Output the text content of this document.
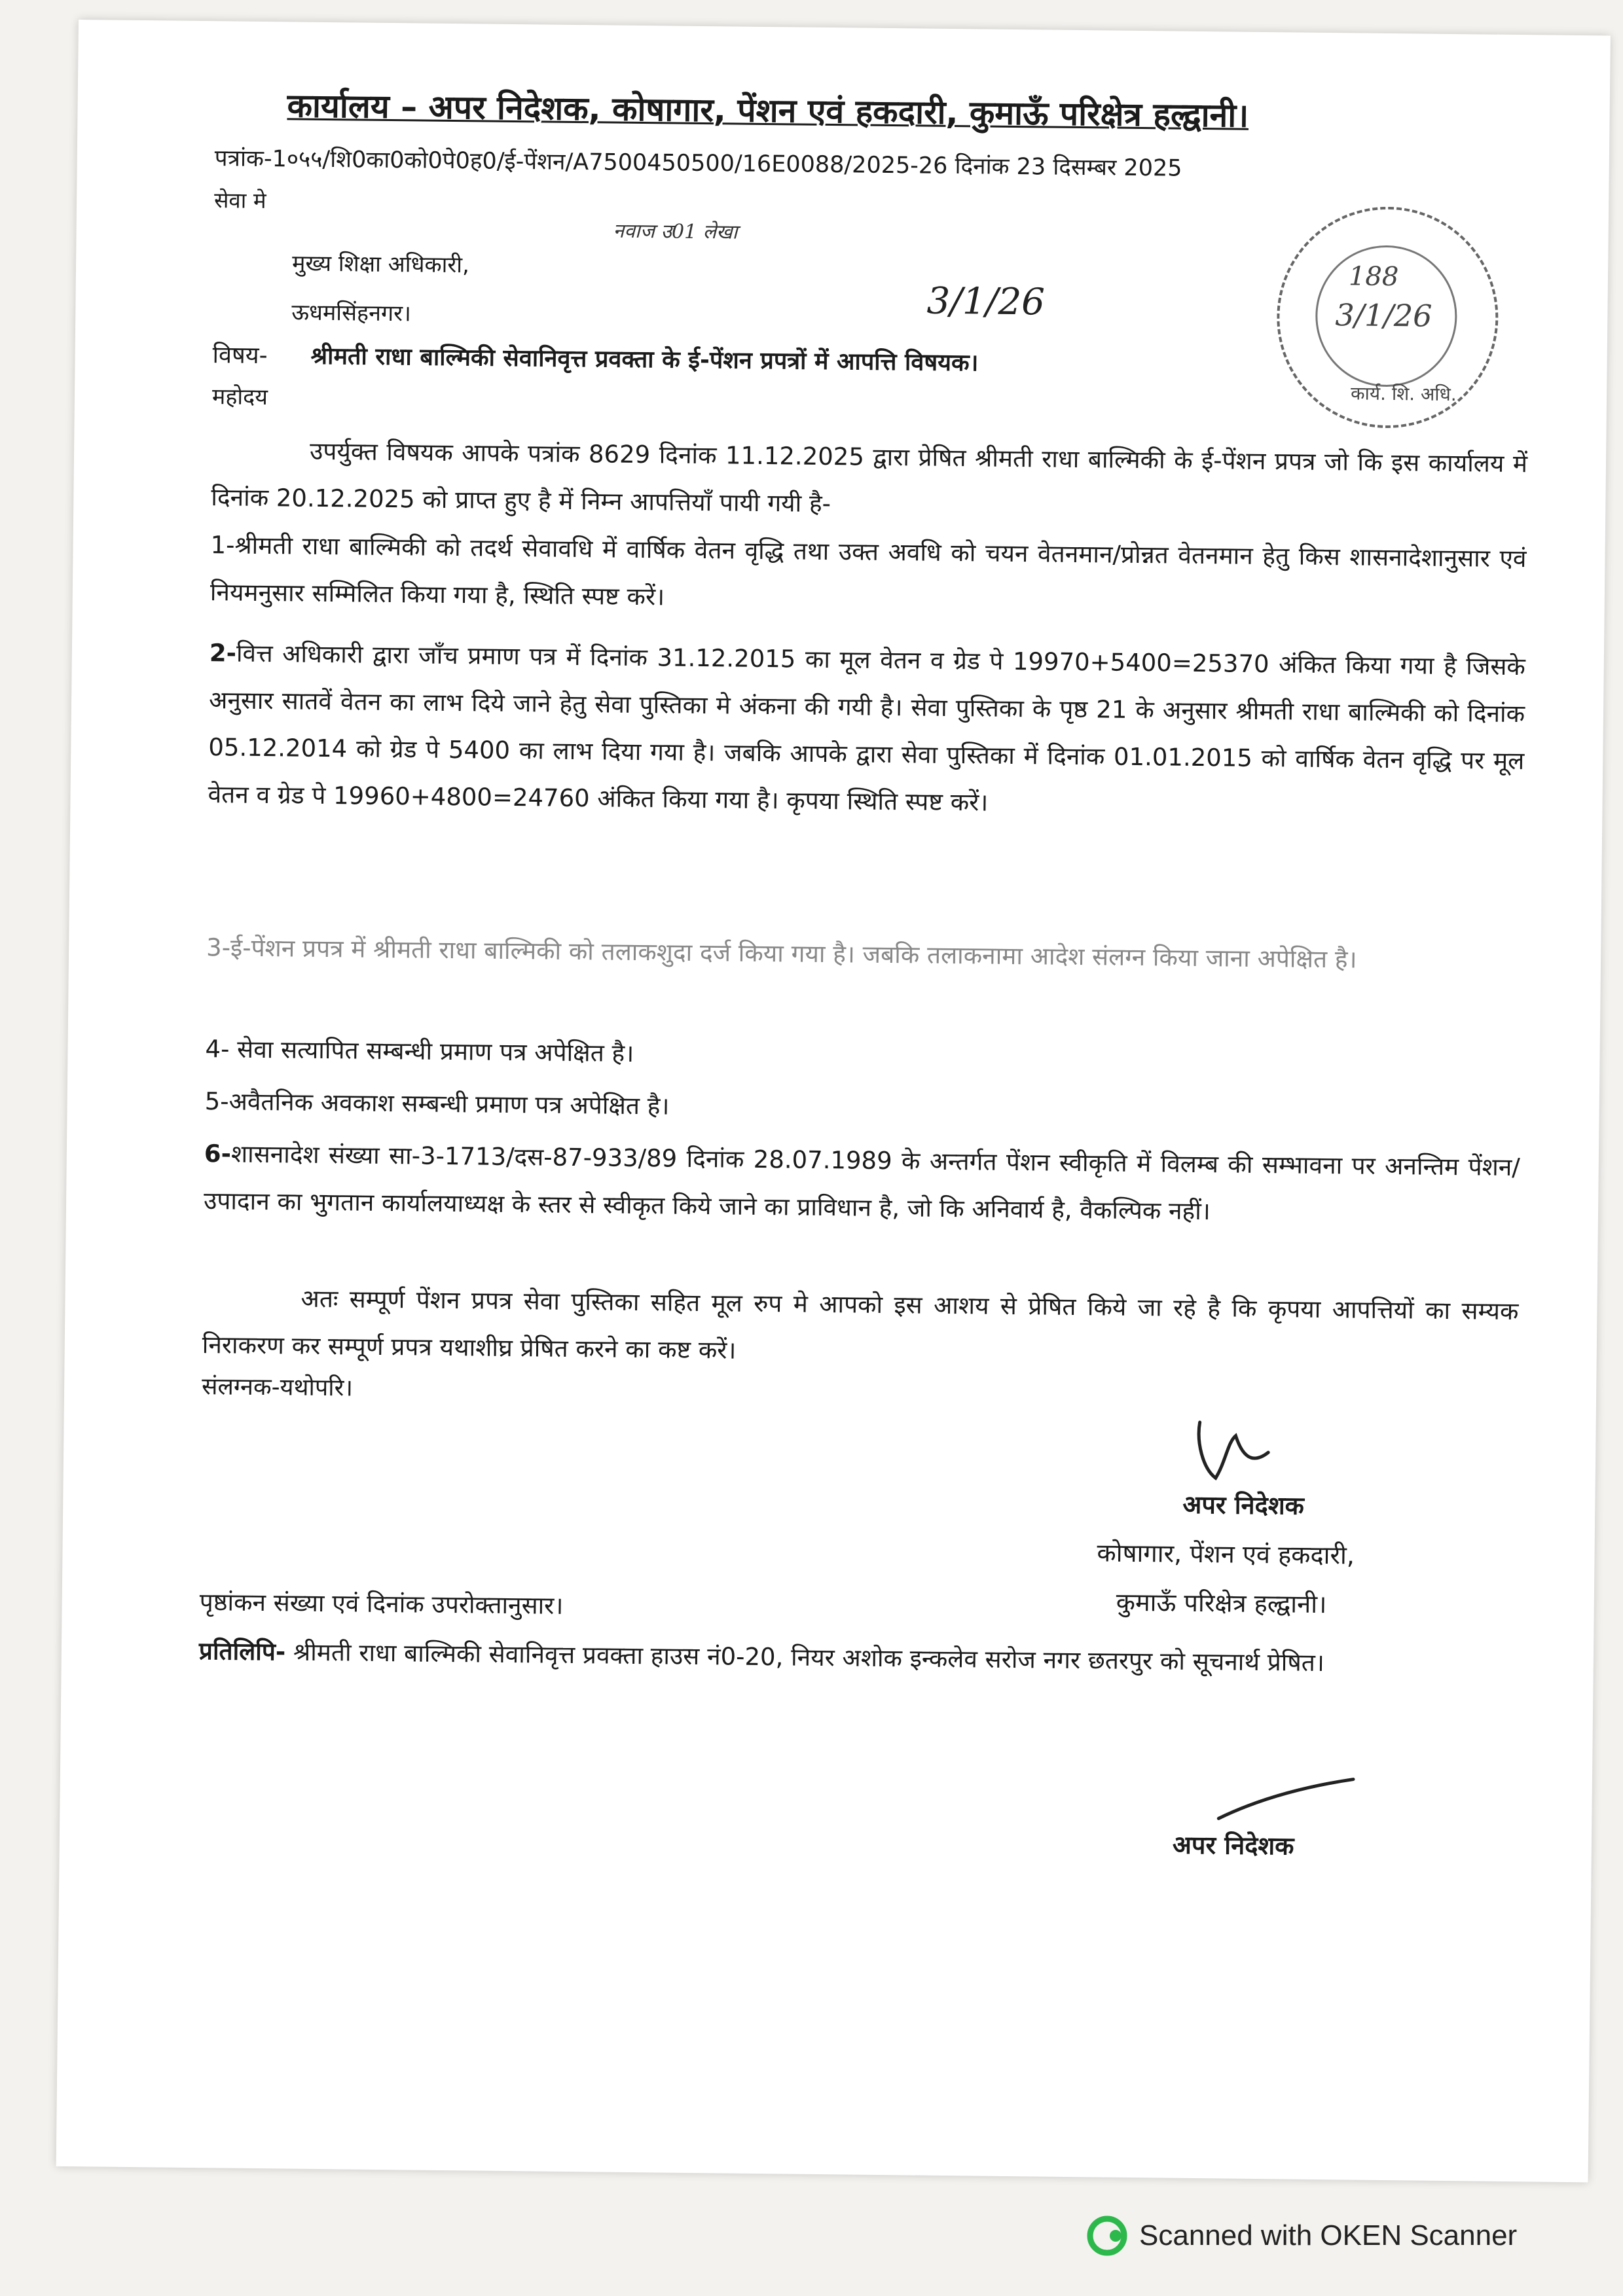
कार्यालय – अपर निदेशक, कोषागार, पेंशन एवं हकदारी, कुमाऊँ परिक्षेत्र हल्द्वानी।
पत्रांक-1०५५/शि0का0को0पे0ह0/ई-पेंशन/A7500450500/16E0088/2025-26 दिनांक 23 दिसम्बर 2025
सेवा मे
नवाज उ01 लेखा
मुख्य शिक्षा अधिकारी,
ऊधमसिंहनगर।	3/1/26
188
3/1/26
कार्य. शि. अधि.
विषय- श्रीमती राधा बाल्मिकी सेवानिवृत्त प्रवक्ता के ई-पेंशन प्रपत्रों में आपत्ति विषयक।
महोदय
उपर्युक्त विषयक आपके पत्रांक 8629 दिनांक 11.12.2025 द्वारा प्रेषित श्रीमती राधा बाल्मिकी के ई-पेंशन प्रपत्र जो कि इस कार्यालय में दिनांक 20.12.2025 को प्राप्त हुए है में निम्न आपत्तियाँ पायी गयी है-
1-श्रीमती राधा बाल्मिकी को तदर्थ सेवावधि में वार्षिक वेतन वृद्धि तथा उक्त अवधि को चयन वेतनमान/प्रोन्नत वेतनमान हेतु किस शासनादेशानुसार एवं नियमनुसार सम्मिलित किया गया है, स्थिति स्पष्ट करें।
2-वित्त अधिकारी द्वारा जाँच प्रमाण पत्र में दिनांक 31.12.2015 का मूल वेतन व ग्रेड पे 19970+5400=25370 अंकित किया गया है जिसके अनुसार सातवें वेतन का लाभ दिये जाने हेतु सेवा पुस्तिका मे अंकना की गयी है। सेवा पुस्तिका के पृष्ठ 21 के अनुसार श्रीमती राधा बाल्मिकी को दिनांक 05.12.2014 को ग्रेड पे 5400 का लाभ दिया गया है। जबकि आपके द्वारा सेवा पुस्तिका में दिनांक 01.01.2015 को वार्षिक वेतन वृद्धि पर मूल वेतन व ग्रेड पे 19960+4800=24760 अंकित किया गया है। कृपया स्थिति स्पष्ट करें।
3-ई-पेंशन प्रपत्र में श्रीमती राधा बाल्मिकी को तलाकशुदा दर्ज किया गया है। जबकि तलाकनामा आदेश संलग्न किया जाना अपेक्षित है।
4- सेवा सत्यापित सम्बन्धी प्रमाण पत्र अपेक्षित है।
5-अवैतनिक अवकाश सम्बन्धी प्रमाण पत्र अपेक्षित है।
6-शासनादेश संख्या सा-3-1713/दस-87-933/89 दिनांक 28.07.1989 के अन्तर्गत पेंशन स्वीकृति में विलम्ब की सम्भावना पर अनन्तिम पेंशन/उपादान का भुगतान कार्यालयाध्यक्ष के स्तर से स्वीकृत किये जाने का प्राविधान है, जो कि अनिवार्य है, वैकल्पिक नहीं।
अतः सम्पूर्ण पेंशन प्रपत्र सेवा पुस्तिका सहित मूल रुप मे आपको इस आशय से प्रेषित किये जा रहे है कि कृपया आपत्तियों का सम्यक निराकरण कर सम्पूर्ण प्रपत्र यथाशीघ्र प्रेषित करने का कष्ट करें।
संलग्नक-यथोपरि।
अपर निदेशक
कोषागार, पेंशन एवं हकदारी,
कुमाऊँ परिक्षेत्र हल्द्वानी।
पृष्ठांकन संख्या एवं दिनांक उपरोक्तानुसार।
प्रतिलिपि- श्रीमती राधा बाल्मिकी सेवानिवृत्त प्रवक्ता हाउस नं0-20, नियर अशोक इन्कलेव सरोज नगर छतरपुर को सूचनार्थ प्रेषित।
अपर निदेशक
Scanned with OKEN Scanner
